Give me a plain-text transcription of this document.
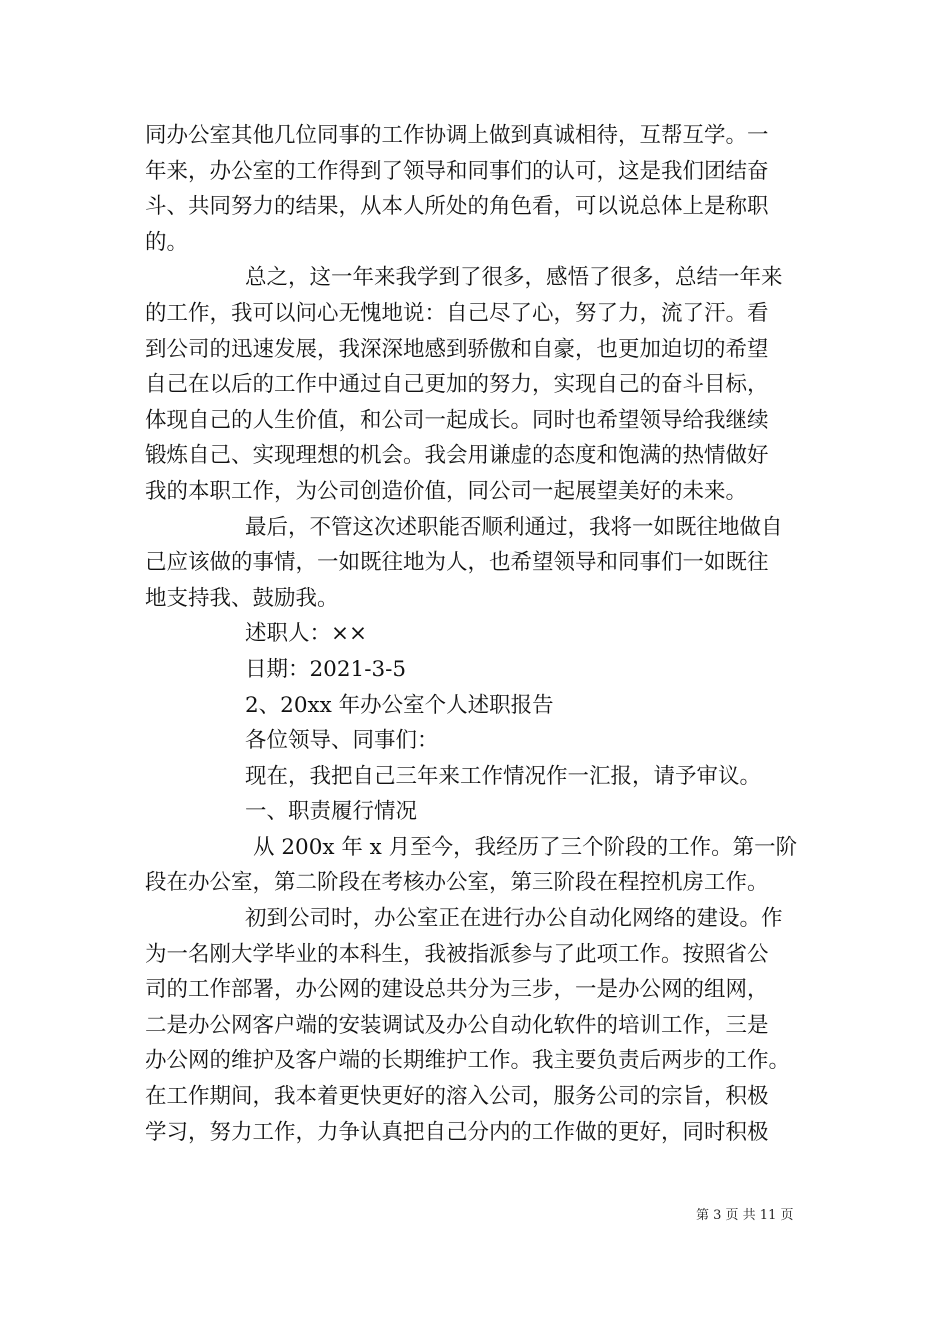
同办公室其他几位同事的工作协调上做到真诚相待，互帮互学。一
年来，办公室的工作得到了领导和同事们的认可，这是我们团结奋
斗、共同努力的结果，从本人所处的角色看，可以说总体上是称职
的。
总之，这一年来我学到了很多，感悟了很多，总结一年来
的工作，我可以问心无愧地说：自己尽了心，努了力，流了汗。看
到公司的迅速发展，我深深地感到骄傲和自豪，也更加迫切的希望
自己在以后的工作中通过自己更加的努力，实现自己的奋斗目标，
体现自己的人生价值，和公司一起成长。同时也希望领导给我继续
锻炼自己、实现理想的机会。我会用谦虚的态度和饱满的热情做好
我的本职工作，为公司创造价值，同公司一起展望美好的未来。
最后，不管这次述职能否顺利通过，我将一如既往地做自
己应该做的事情，一如既往地为人，也希望领导和同事们一如既往
地支持我、鼓励我。
述职人：××
日期：2021-3-5
2、20xx 年办公室个人述职报告
各位领导、同事们：
现在，我把自己三年来工作情况作一汇报，请予审议。
一、职责履行情况
从 200x 年 x 月至今，我经历了三个阶段的工作。第一阶
段在办公室，第二阶段在考核办公室，第三阶段在程控机房工作。
初到公司时，办公室正在进行办公自动化网络的建设。作
为一名刚大学毕业的本科生，我被指派参与了此项工作。按照省公
司的工作部署，办公网的建设总共分为三步，一是办公网的组网，
二是办公网客户端的安装调试及办公自动化软件的培训工作，三是
办公网的维护及客户端的长期维护工作。我主要负责后两步的工作。
在工作期间，我本着更快更好的溶入公司，服务公司的宗旨，积极
学习，努力工作，力争认真把自己分内的工作做的更好，同时积极
第 3 页 共 11 页
